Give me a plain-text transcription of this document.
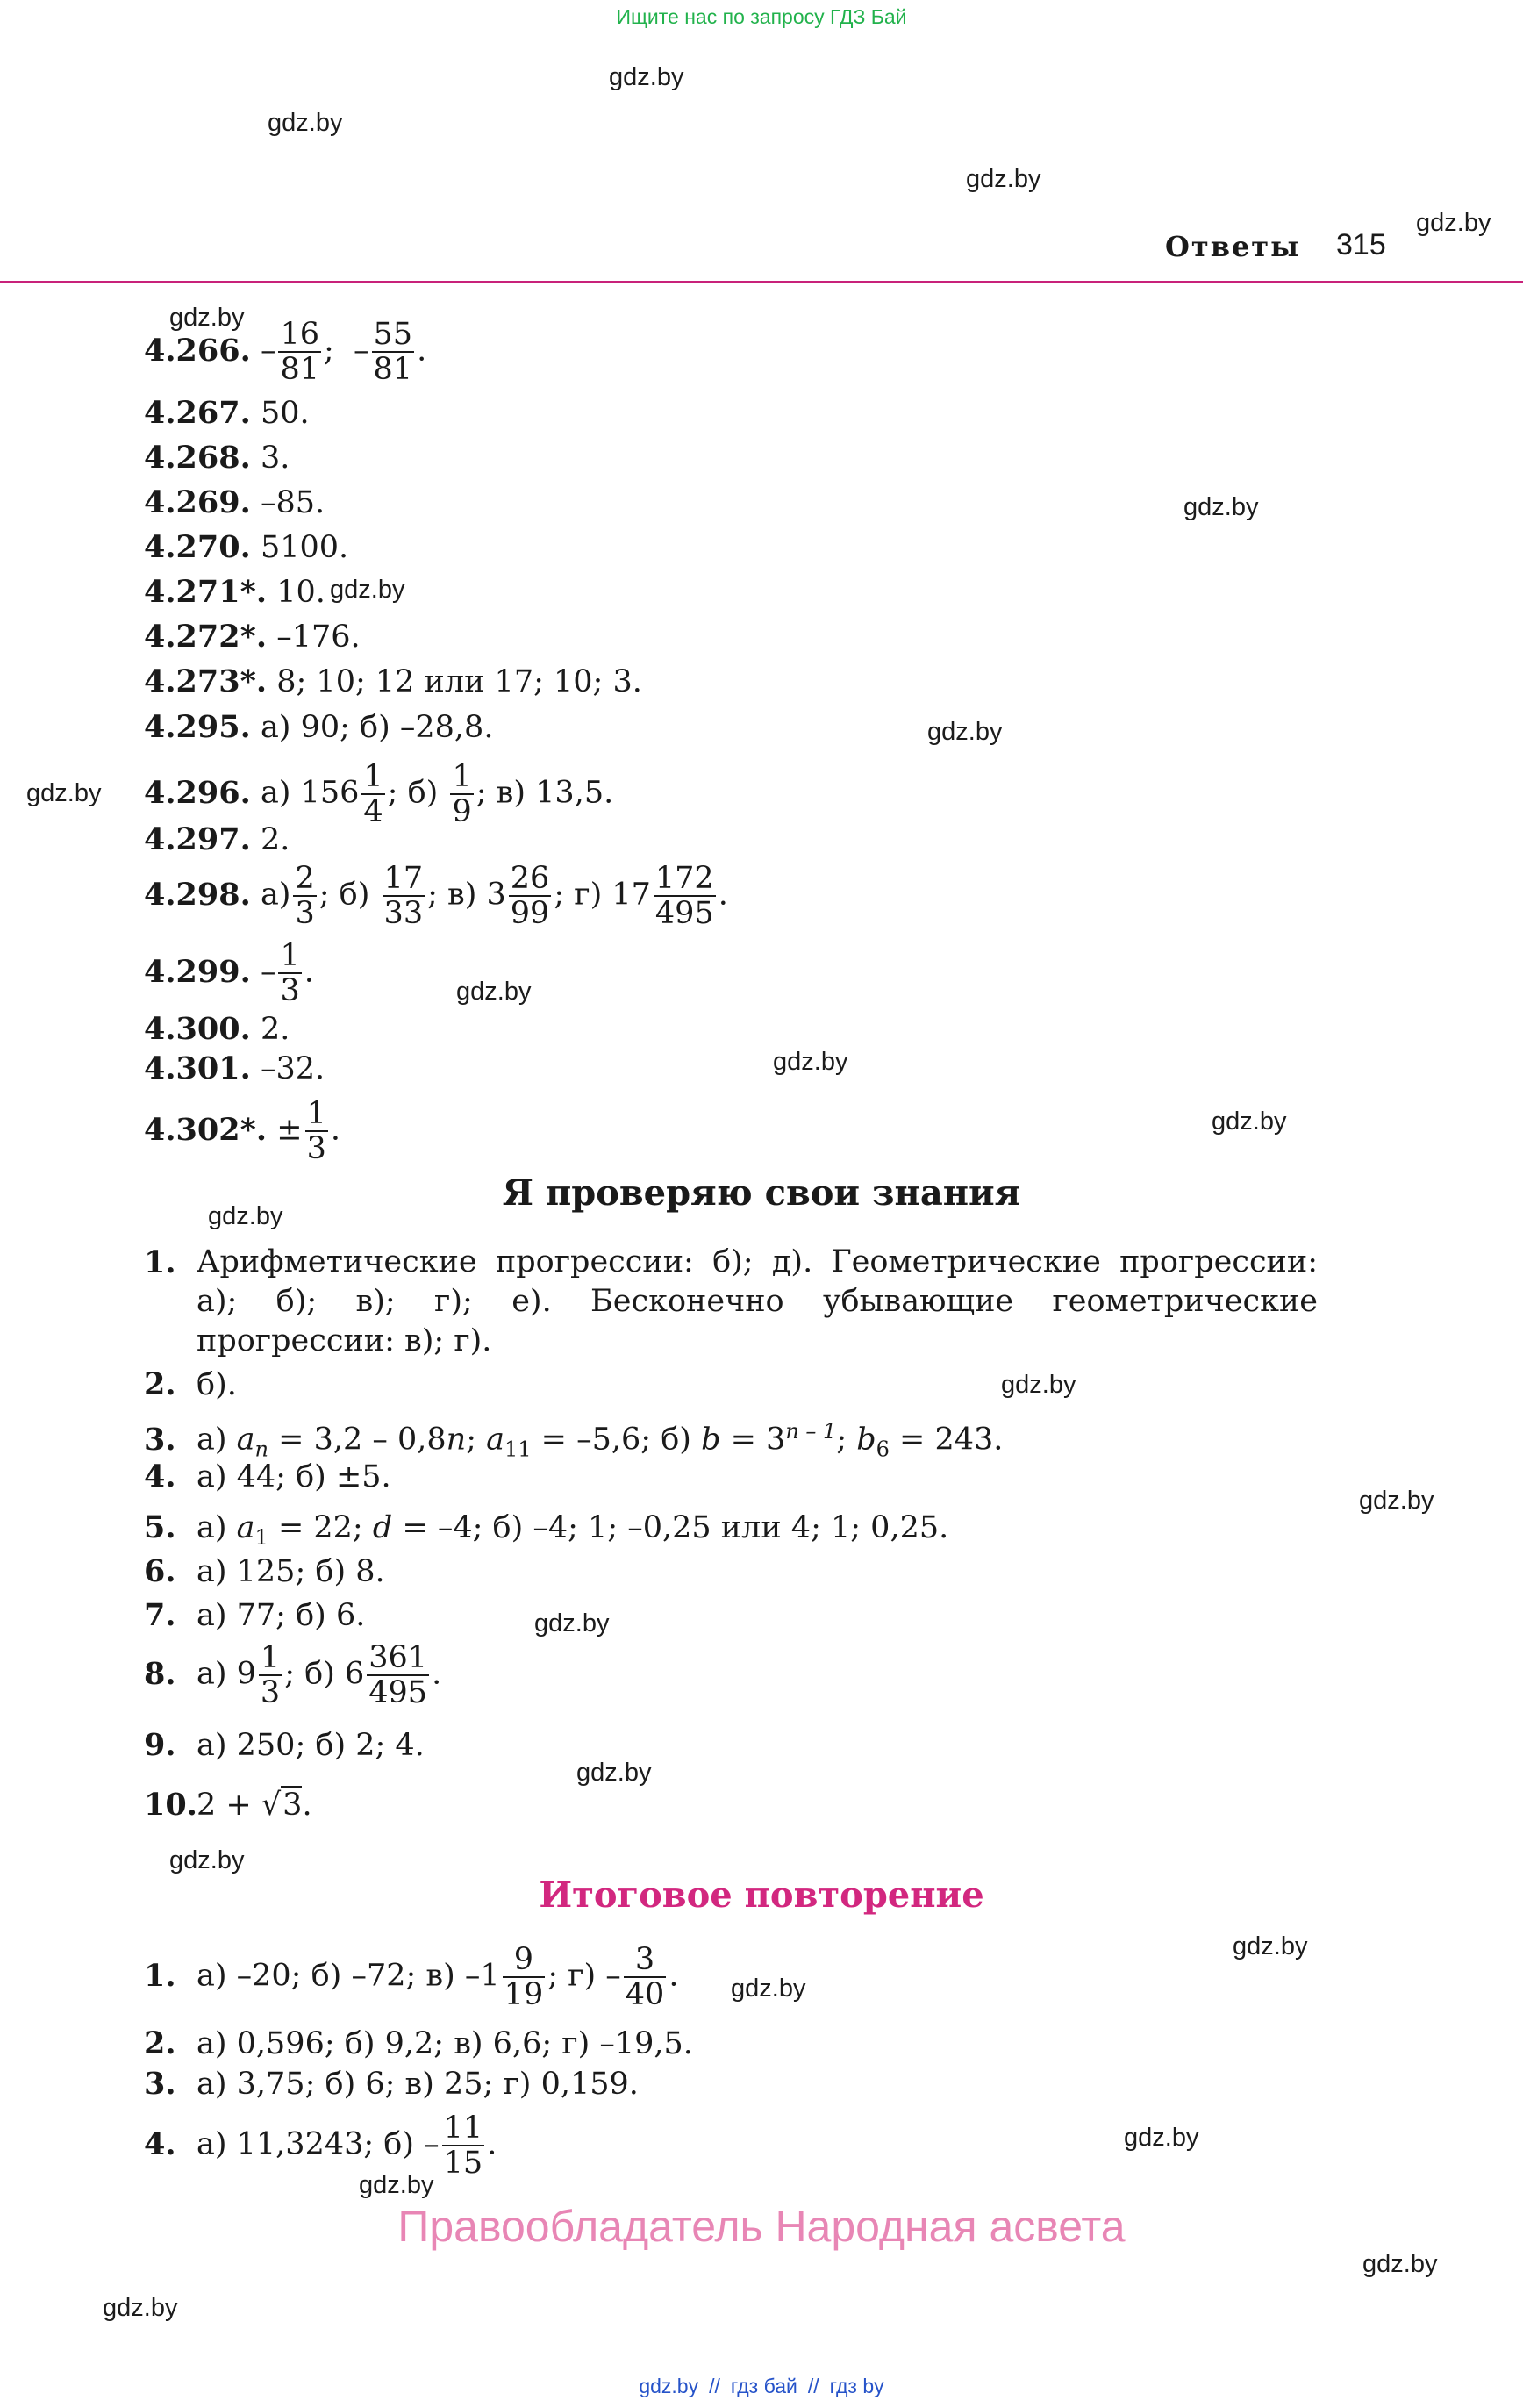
Ищите нас по запросу ГДЗ Бай
gdz.by
gdz.by
gdz.by
gdz.by
gdz.by
gdz.by
gdz.by
gdz.by
gdz.by
gdz.by
gdz.by
gdz.by
gdz.by
gdz.by
gdz.by
gdz.by
gdz.by
gdz.by
gdz.by
gdz.by
gdz.by
gdz.by
gdz.by
gdz.by
Ответы 315
4.266. – $\frac{16}{81}$ ;  – $\frac{55}{81}$ .
4.267. 50.
4.268. 3.
4.269. –85.
4.270. 5100.
4.271*. 10.
4.272*. –176.
4.273*. 8; 10; 12 или 17; 10; 3.
4.295. а) 90; б) –28,8.
4.296. а) $156 \frac{1}{4}$ ; $б) \frac{1}{9}$ ; в) 13,5.
4.297. 2.
4.298. $а) \frac{2}{3}$ ; $б) \frac{17}{33}$ ; в) $3 \frac{26}{99}$ ; г) $17 \frac{172}{495}$ .
4.299. – $\frac{1}{3}$ .
4.300. 2.
4.301. –32.
4.302*. ± $\frac{1}{3}$ .
Я проверяю свои знания
1. Арифметические прогрессии: б); д). Геометрические прогрессии: а); б); в); г); е). Бесконечно убывающие геометрические прогрессии: в); г).
2. б).
3. а) $a_n = 3,2 - 0,8n$; $a_{11} = -5,6$; б) $b = 3^{n - 1}$; $b_6 = 243$.
4. а) 44; б) ±5.
5. а) $a_1 = 22$; d = –4; б) –4; 1; –0,25 или 4; 1; 0,25.
6. а) 125; б) 8.
7. а) 77; б) 6.
8. а) $9 \frac{1}{3}$ ; б) $6 \frac{361}{495}$ .
9. а) 250; б) 2; 4.
10.2 + √3.
Итоговое повторение
1. а) –20; б) –72; в) $-1 \frac{9}{19}$ ; $г) - \frac{3}{40}$ .
2. а) 0,596; б) 9,2; в) 6,6; г) –19,5.
3. а) 3,75; б) 6; в) 25; г) 0,159.
4. а) 11,3243; $б) - \frac{11}{15}$ .
Правообладатель Народная асвета
gdz.by // гдз бай // гдз by
